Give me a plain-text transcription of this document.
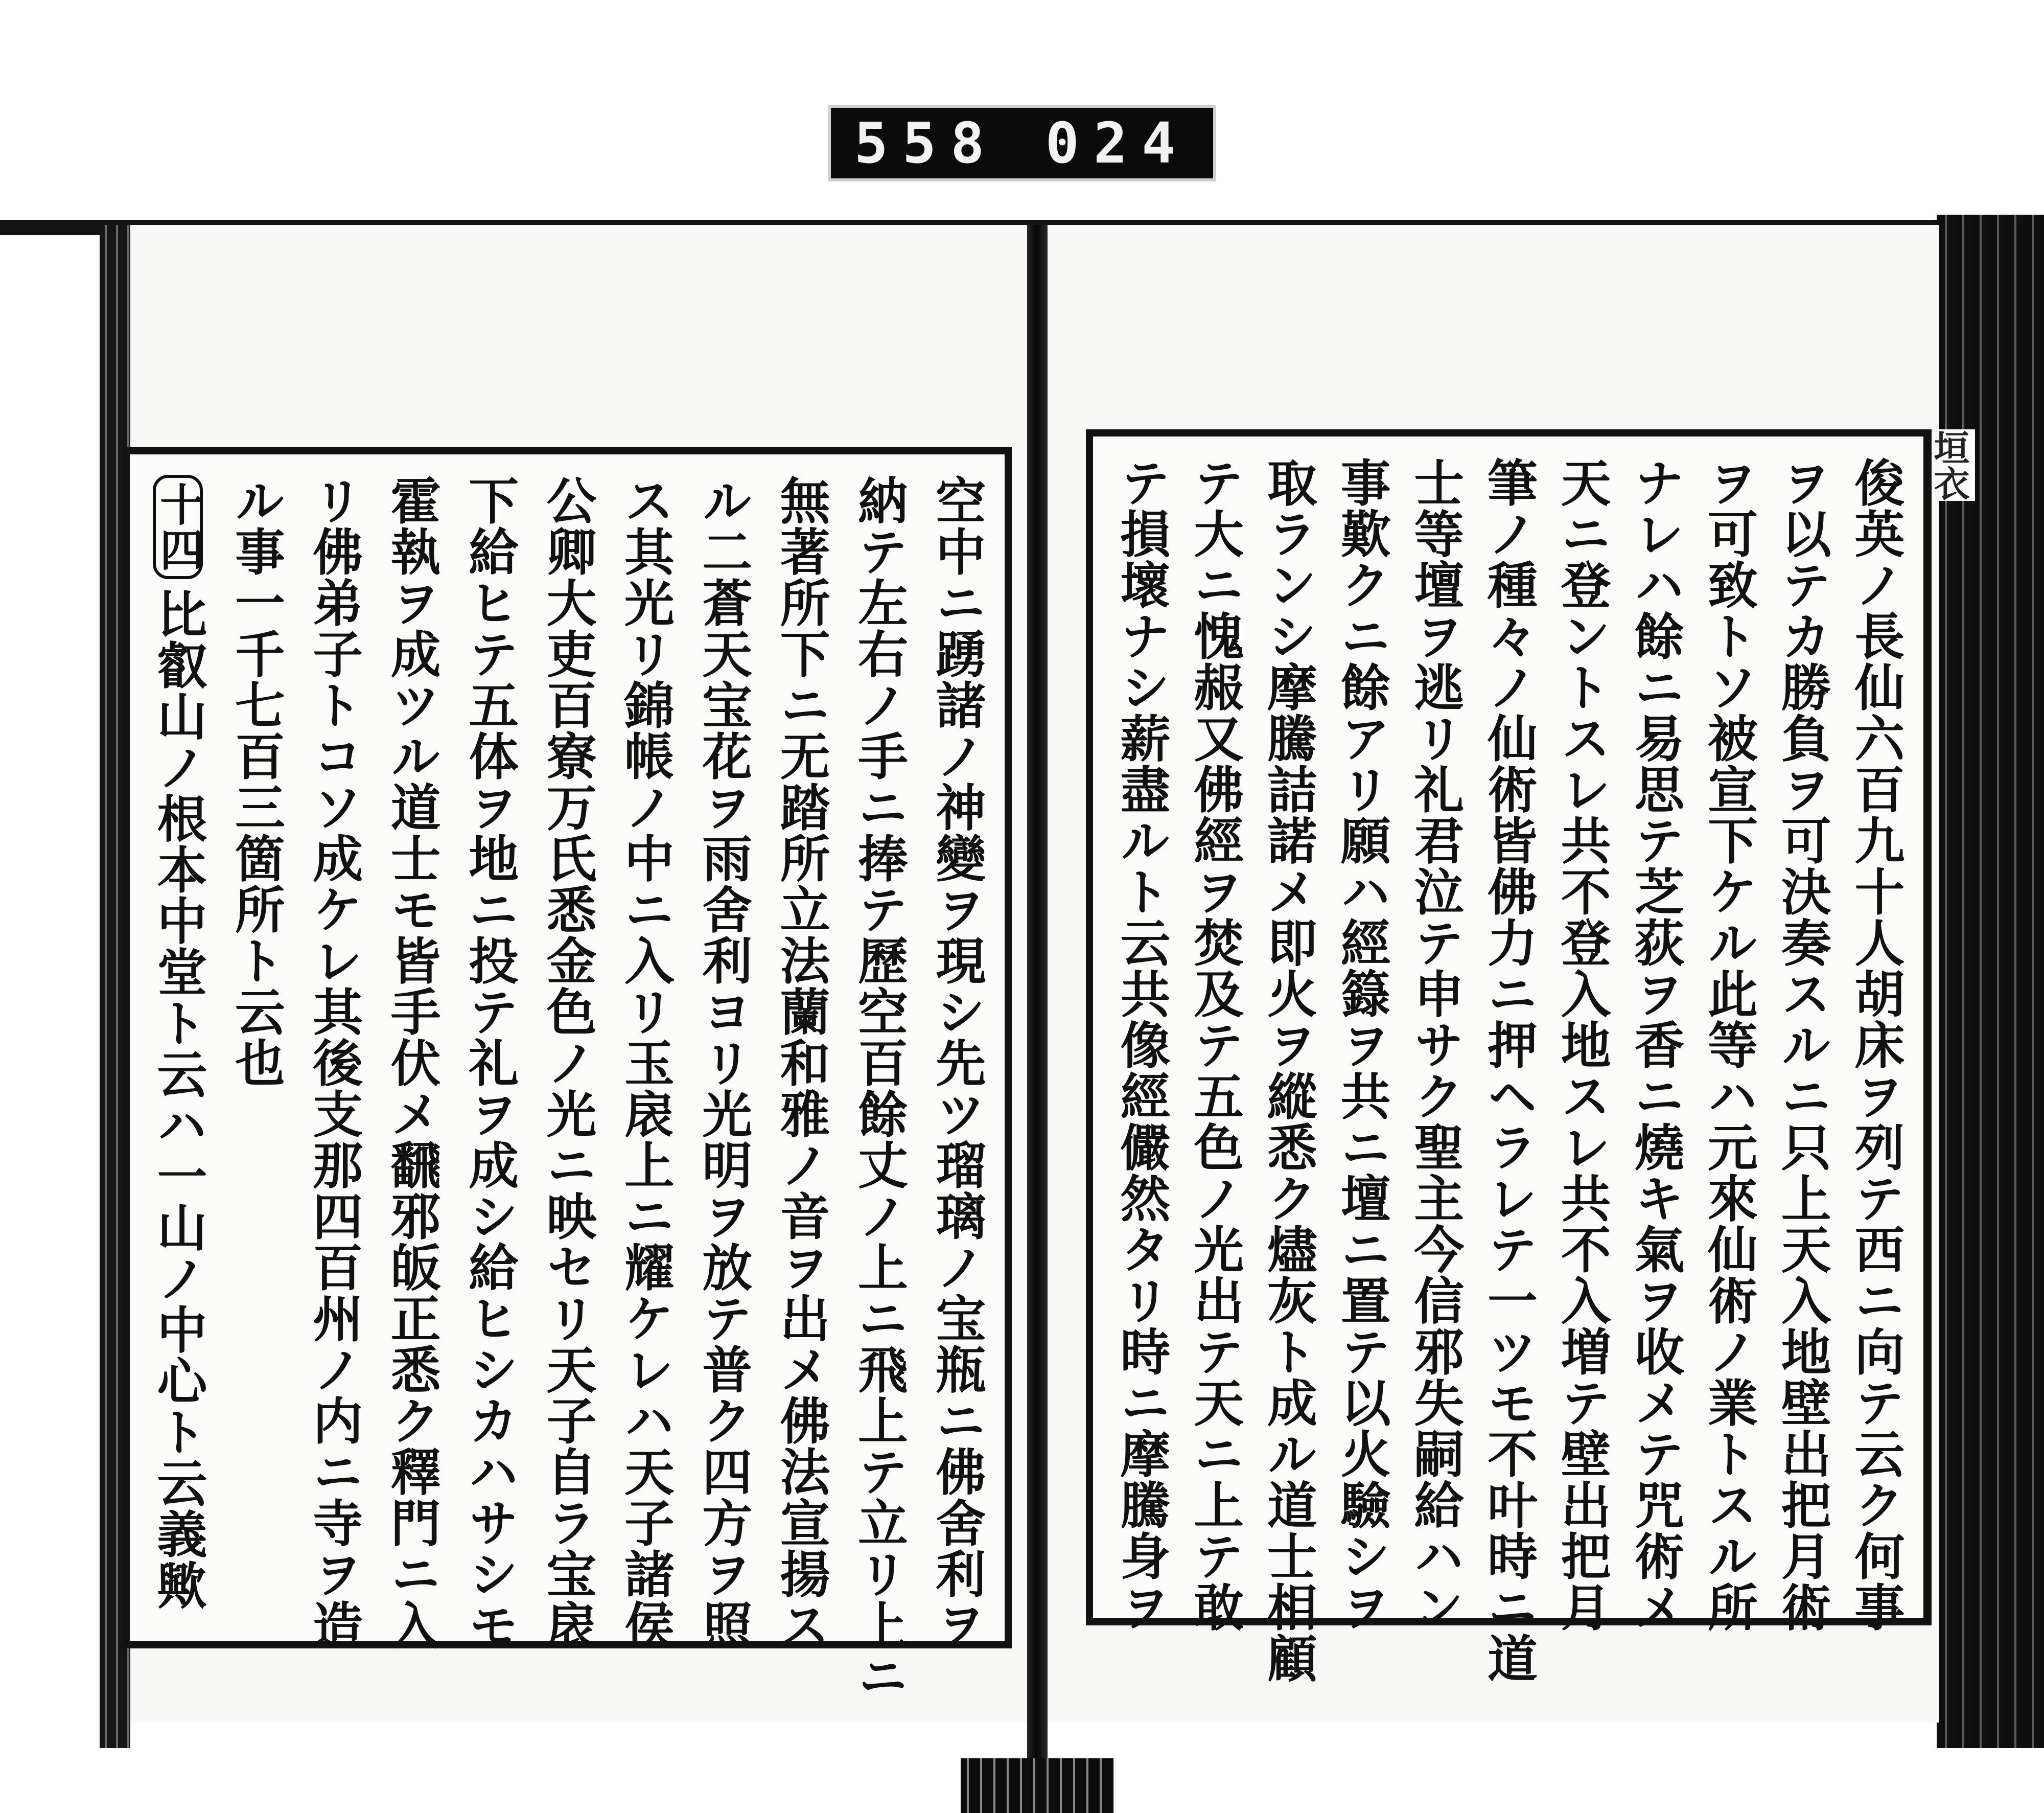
558 024
俊英ノ長仙六百九十人胡床ヲ列テ西ニ向テ云ク何事
ヲ以テカ勝負ヲ可決奏スルニ只上天入地壁出把月術
ヲ可致トソ被宣下ケル此等ハ元來仙術ノ業トスル所
ナレハ餘ニ易思テ芝荻ヲ香ニ燒キ氣ヲ收メテ咒術メ
天ニ登ントスレ共不登入地スレ共不入増テ壁出把月
筆ノ種々ノ仙術皆佛力ニ押ヘラレテ一ツモ不叶時ニ道
士等壇ヲ逃リ礼君泣テ申サク聖主今信邪失嗣給ハン
事歎クニ餘アリ願ハ經籙ヲ共ニ壇ニ置テ以火驗シヲ
取ランシ摩騰詰諾メ即火ヲ縱悉ク燼灰ト成ル道士相顧
テ大ニ愧赧又佛經ヲ焚及テ五色ノ光出テ天ニ上テ敢
テ損壞ナシ薪盡ルト云共像經儼然タリ時ニ摩騰身ヲ	垣衣
空中ニ踴諸ノ神變ヲ現シ先ツ瑠璃ノ宝瓶ニ佛舍利ヲ
納テ左右ノ手ニ捧テ歷空百餘丈ノ上ニ飛上テ立リ上ニ
無著所下ニ无踏所立法蘭和雅ノ音ヲ出メ佛法宣揚ス
ル二蒼天宝花ヲ雨舍利ヨリ光明ヲ放テ普ク四方ヲ照
ス其光リ錦帳ノ中ニ入リ玉扆上ニ耀ケレハ天子諸侯
公卿大吏百寮万氏悉金色ノ光ニ映セリ天子自ラ宝扆
下給ヒテ五体ヲ地ニ投テ礼ヲ成シ給ヒシカハサシモ
霍執ヲ成ツル道士モ皆手伏メ飜邪皈正悉ク釋門ニ入
リ佛弟子トコソ成ケレ其後支那四百州ノ内ニ寺ヲ造
ル事一千七百三箇所ト云也
十四
比叡山ノ根本中堂ト云ハ一山ノ中心ト云義歟
